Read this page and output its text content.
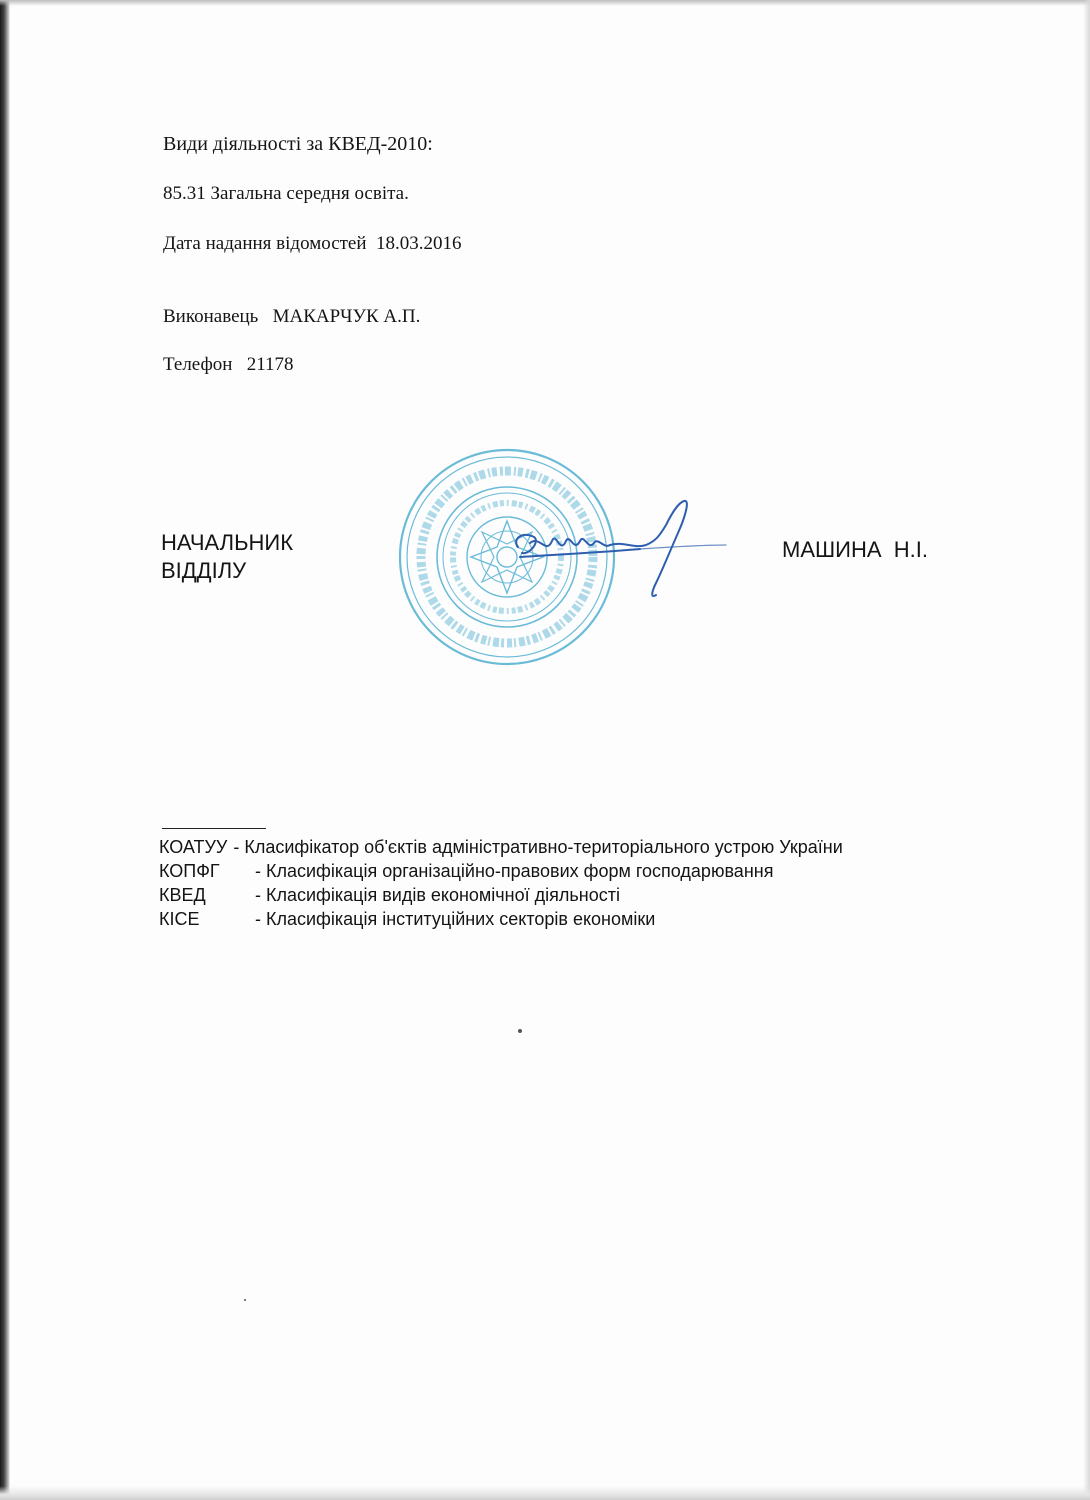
Види діяльності за КВЕД-2010:
85.31 Загальна середня освіта.
Дата надання відомостей 18.03.2016
Виконавець МАКАРЧУК А.П.
Телефон 21178
НАЧАЛЬНИК
ВІДДІЛУ
МАШИНА  Н.І.
КОАТУУ - Класифікатор об'єктів адміністративно-територіального устрою України
КОПФГ	- Класифікація організаційно-правових форм господарювання
КВЕД	- Класифікація видів економічної діяльності
КІСЕ	- Класифікація інституційних секторів економіки
